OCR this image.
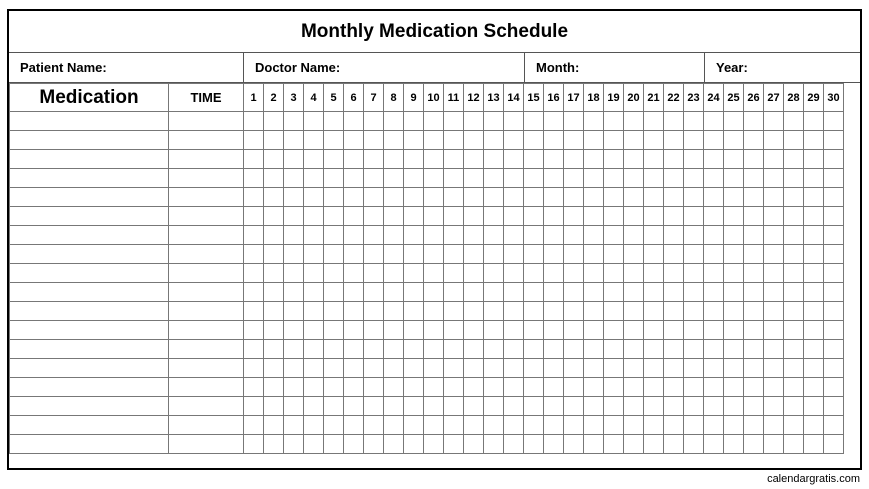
Monthly Medication Schedule
Patient Name:	Doctor Name:	Month:	Year:
Medication	TIME	1	2	3	4	5	6	7	8	9	10	11	12	13	14	15	16	17	18	19	20	21	22	23	24	25	26	27	28	29	30

calendargratis.com
